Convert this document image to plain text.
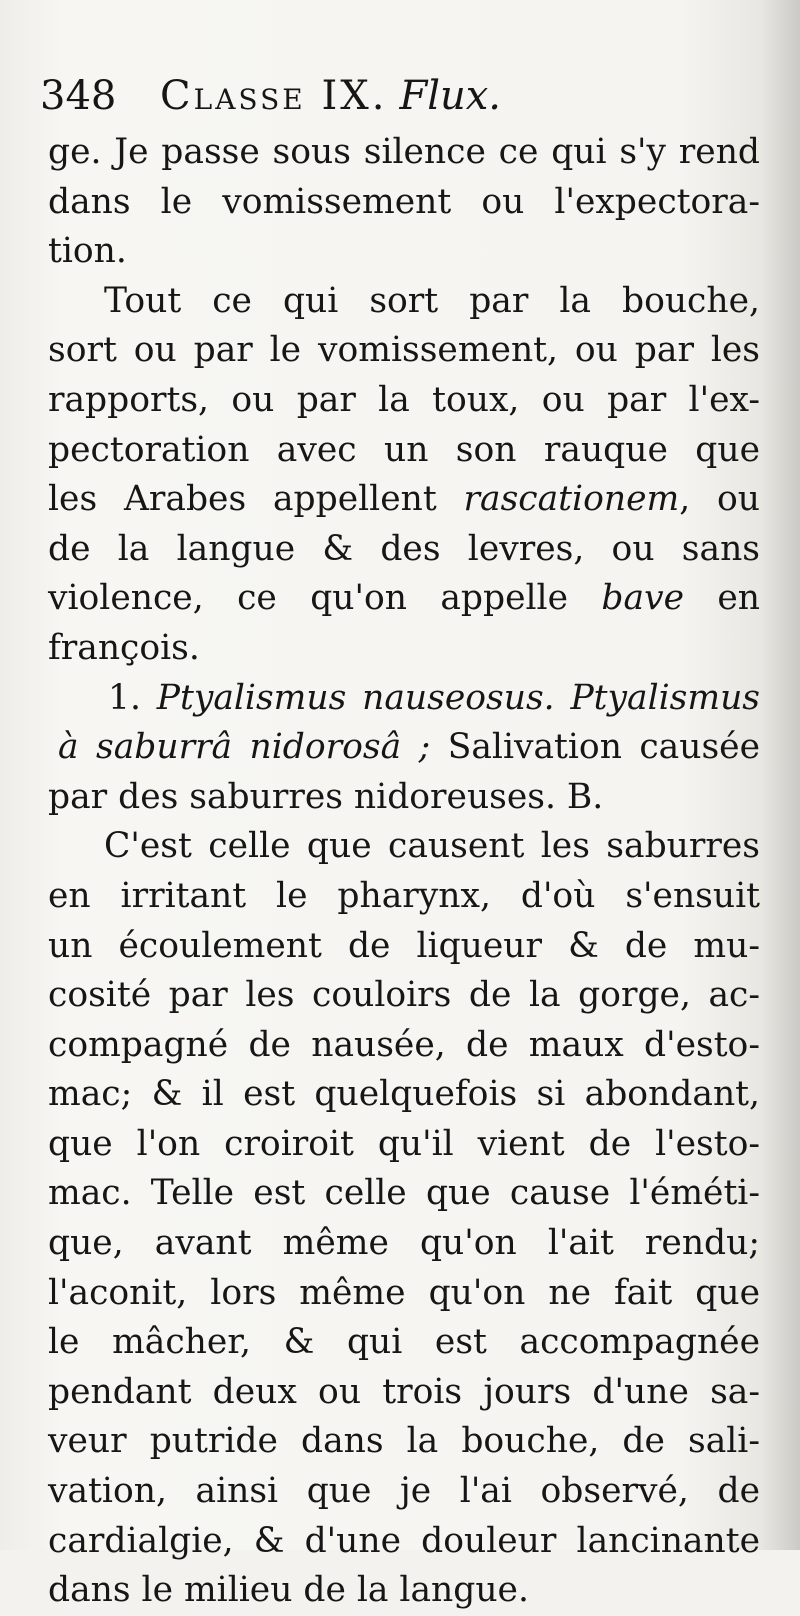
348 Classe IX. Flux.
ge. Je passe sous silence ce qui s'y rend
dans le vomissement ou l'expectora-
tion.
Tout ce qui sort par la bouche,
sort ou par le vomissement, ou par les
rapports, ou par la toux, ou par l'ex-
pectoration avec un son rauque que
les Arabes appellent rascationem, ou
de la langue & des levres, ou sans
violence, ce qu'on appelle bave en
françois.
1. Ptyalismus nauseosus. Ptyalismus
à saburrâ nidorosâ ; Salivation causée
par des saburres nidoreuses. B.
C'est celle que causent les saburres
en irritant le pharynx, d'où s'ensuit
un écoulement de liqueur & de mu-
cosité par les couloirs de la gorge, ac-
compagné de nausée, de maux d'esto-
mac; & il est quelquefois si abondant,
que l'on croiroit qu'il vient de l'esto-
mac. Telle est celle que cause l'éméti-
que, avant même qu'on l'ait rendu;
l'aconit, lors même qu'on ne fait que
le mâcher, & qui est accompagnée
pendant deux ou trois jours d'une sa-
veur putride dans la bouche, de sali-
vation, ainsi que je l'ai observé, de
cardialgie, & d'une douleur lancinante
dans le milieu de la langue.
